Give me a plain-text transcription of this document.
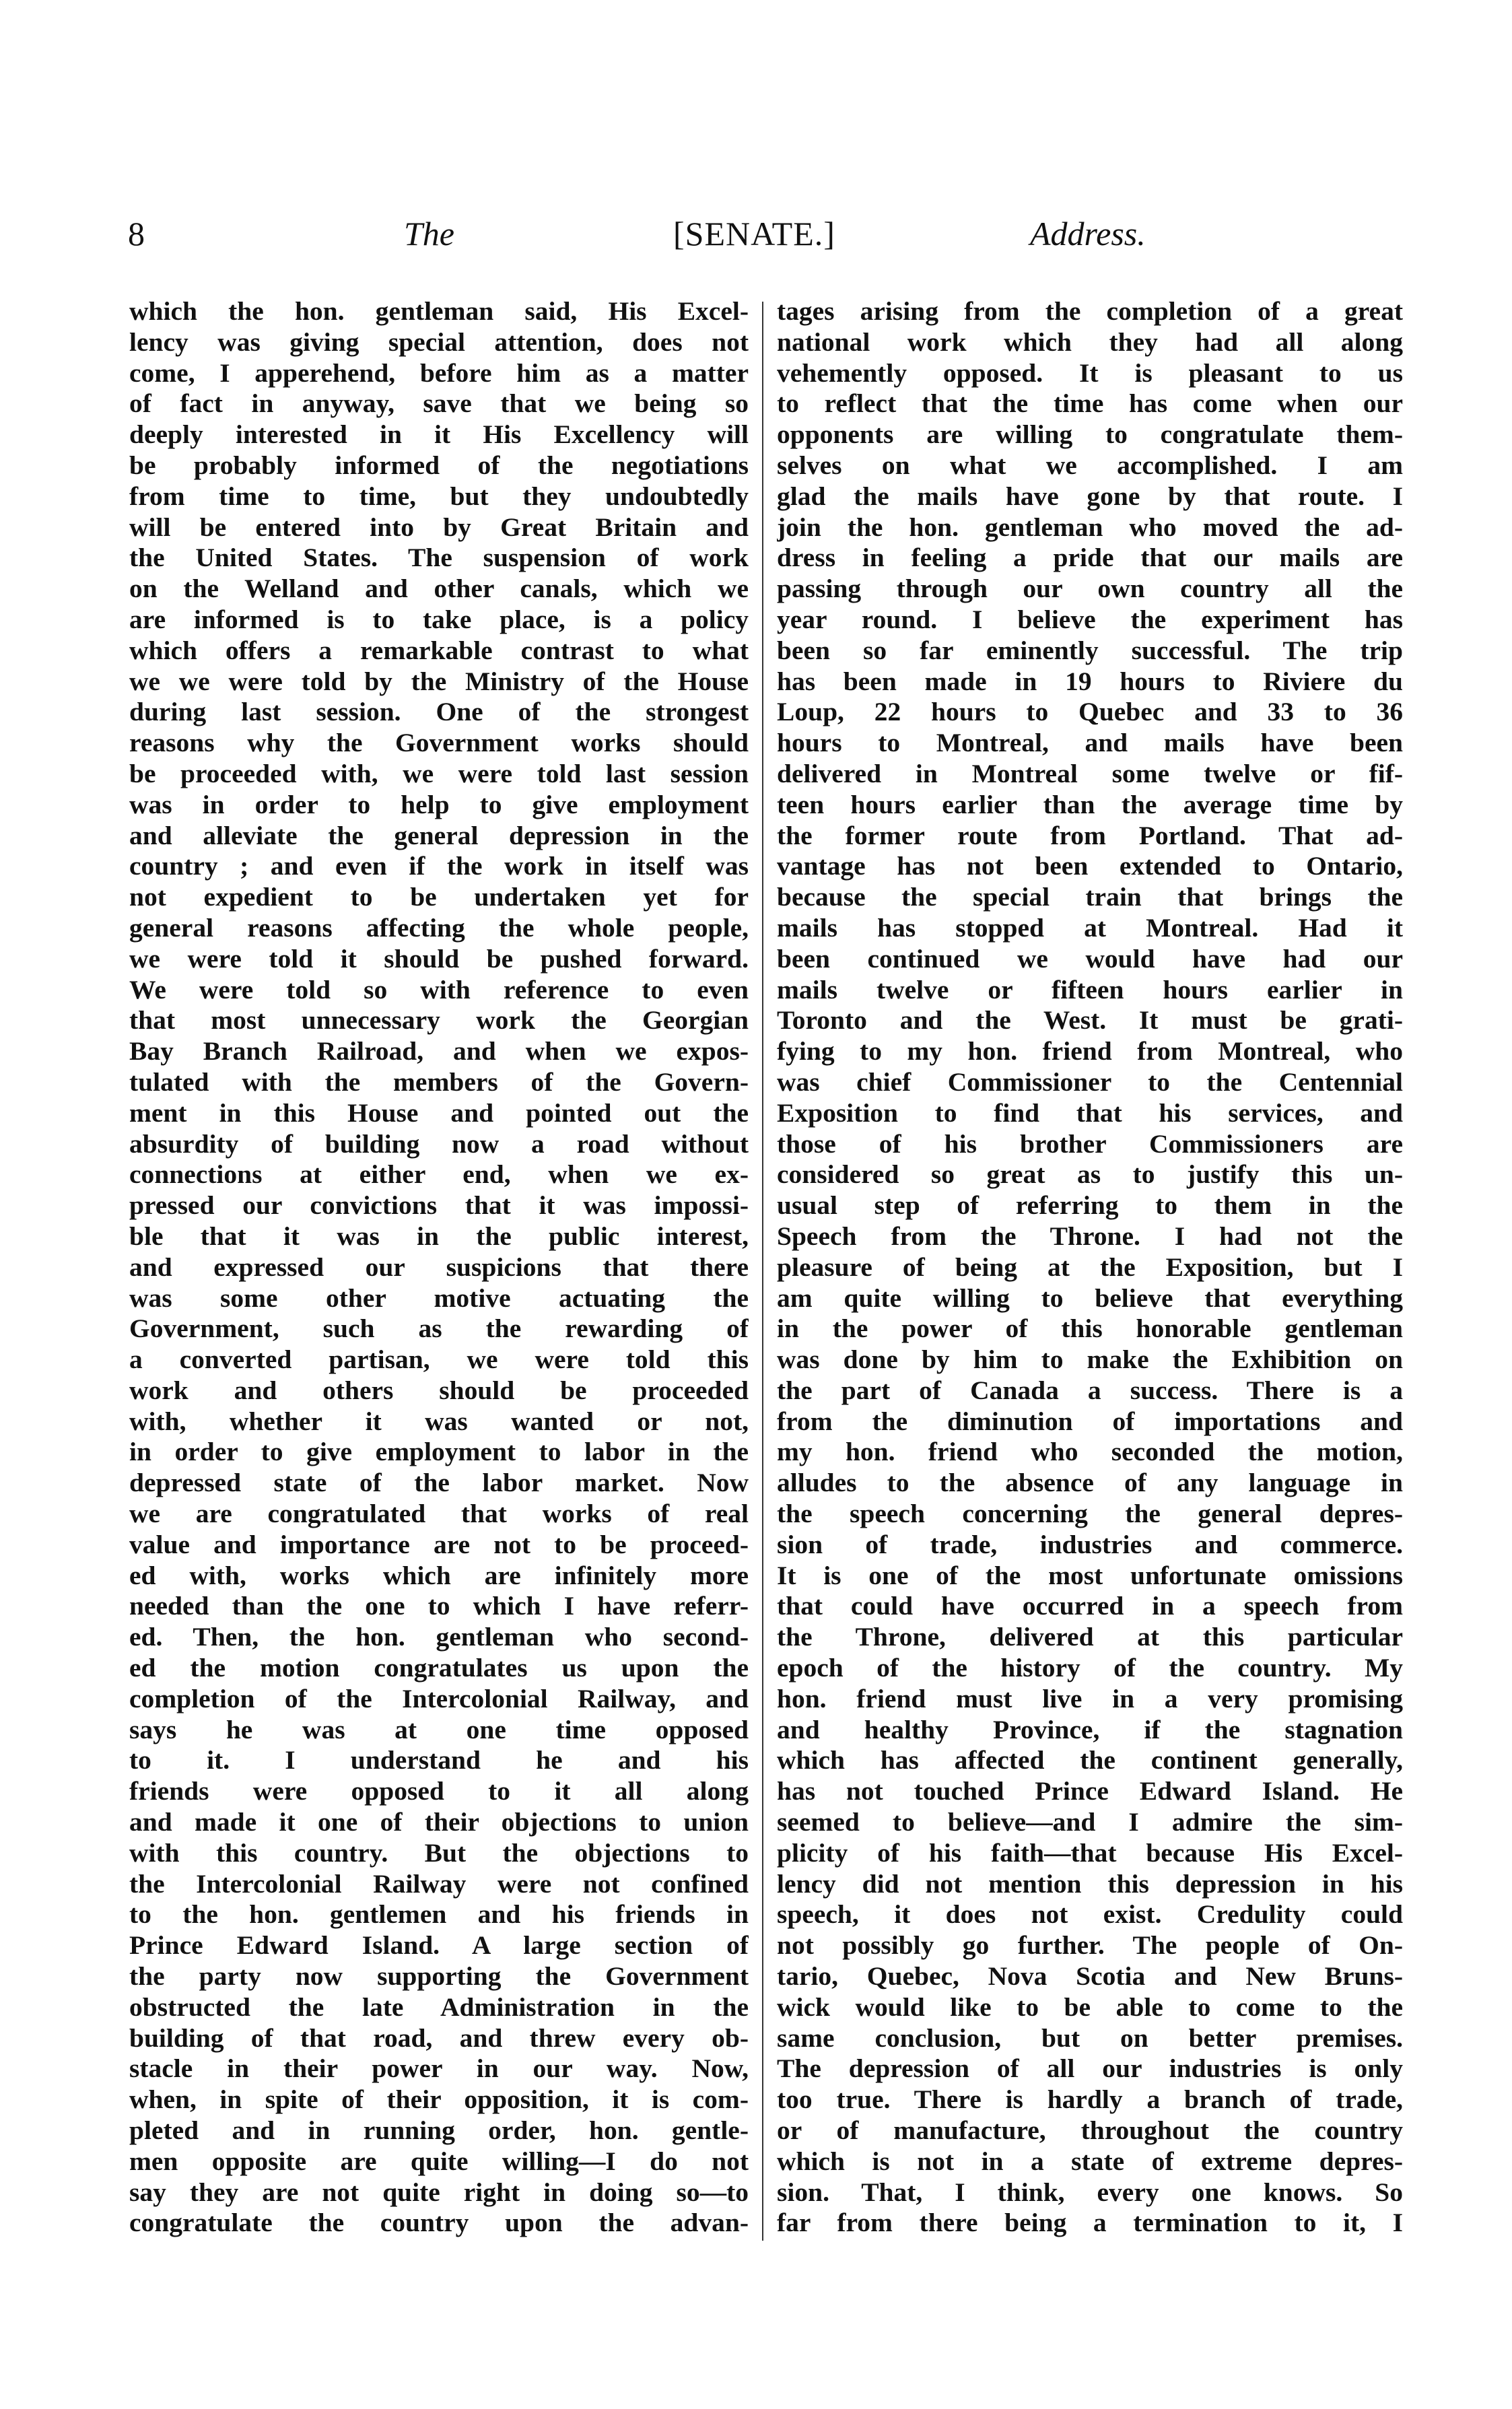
8	The	[SENATE.]	Address.
which the hon. gentleman said, His Excel-
lency was giving special attention, does not
come, I apperehend, before him as a matter
of fact in anyway, save that we being so
deeply interested in it His Excellency will
be probably informed of the negotiations
from time to time, but they undoubtedly
will be entered into by Great Britain and
the United States. The suspension of work
on the Welland and other canals, which we
are informed is to take place, is a policy
which offers a remarkable contrast to what
we we were told by the Ministry of the House
during last session. One of the strongest
reasons why the Government works should
be proceeded with, we were told last session
was in order to help to give employment
and alleviate the general depression in the
country ; and even if the work in itself was
not expedient to be undertaken yet for
general reasons affecting the whole people,
we were told it should be pushed forward.
We were told so with reference to even
that most unnecessary work the Georgian
Bay Branch Railroad, and when we expos-
tulated with the members of the Govern-
ment in this House and pointed out the
absurdity of building now a road without
connections at either end, when we ex-
pressed our convictions that it was impossi-
ble that it was in the public interest,
and expressed our suspicions that there
was some other motive actuating the
Government, such as the rewarding of
a converted partisan, we were told this
work and others should be proceeded
with, whether it was wanted or not,
in order to give employment to labor in the
depressed state of the labor market. Now
we are congratulated that works of real
value and importance are not to be proceed-
ed with, works which are infinitely more
needed than the one to which I have referr-
ed. Then, the hon. gentleman who second-
ed the motion congratulates us upon the
completion of the Intercolonial Railway, and
says he was at one time opposed
to it. I understand he and his
friends were opposed to it all along
and made it one of their objections to union
with this country. But the objections to
the Intercolonial Railway were not confined
to the hon. gentlemen and his friends in
Prince Edward Island. A large section of
the party now supporting the Government
obstructed the late Administration in the
building of that road, and threw every ob-
stacle in their power in our way. Now,
when, in spite of their opposition, it is com-
pleted and in running order, hon. gentle-
men opposite are quite willing—I do not
say they are not quite right in doing so—to
congratulate the country upon the advan-
tages arising from the completion of a great
national work which they had all along
vehemently opposed. It is pleasant to us
to reflect that the time has come when our
opponents are willing to congratulate them-
selves on what we accomplished. I am
glad the mails have gone by that route. I
join the hon. gentleman who moved the ad-
dress in feeling a pride that our mails are
passing through our own country all the
year round. I believe the experiment has
been so far eminently successful. The trip
has been made in 19 hours to Riviere du
Loup, 22 hours to Quebec and 33 to 36
hours to Montreal, and mails have been
delivered in Montreal some twelve or fif-
teen hours earlier than the average time by
the former route from Portland. That ad-
vantage has not been extended to Ontario,
because the special train that brings the
mails has stopped at Montreal. Had it
been continued we would have had our
mails twelve or fifteen hours earlier in
Toronto and the West. It must be grati-
fying to my hon. friend from Montreal, who
was chief Commissioner to the Centennial
Exposition to find that his services, and
those of his brother Commissioners are
considered so great as to justify this un-
usual step of referring to them in the
Speech from the Throne. I had not the
pleasure of being at the Exposition, but I
am quite willing to believe that everything
in the power of this honorable gentleman
was done by him to make the Exhibition on
the part of Canada a success. There is a
from the diminution of importations and
my hon. friend who seconded the motion,
alludes to the absence of any language in
the speech concerning the general depres-
sion of trade, industries and commerce.
It is one of the most unfortunate omissions
that could have occurred in a speech from
the Throne, delivered at this particular
epoch of the history of the country. My
hon. friend must live in a very promising
and healthy Province, if the stagnation
which has affected the continent generally,
has not touched Prince Edward Island. He
seemed to believe—and I admire the sim-
plicity of his faith—that because His Excel-
lency did not mention this depression in his
speech, it does not exist. Credulity could
not possibly go further. The people of On-
tario, Quebec, Nova Scotia and New Bruns-
wick would like to be able to come to the
same conclusion, but on better premises.
The depression of all our industries is only
too true. There is hardly a branch of trade,
or of manufacture, throughout the country
which is not in a state of extreme depres-
sion. That, I think, every one knows. So
far from there being a termination to it, I
